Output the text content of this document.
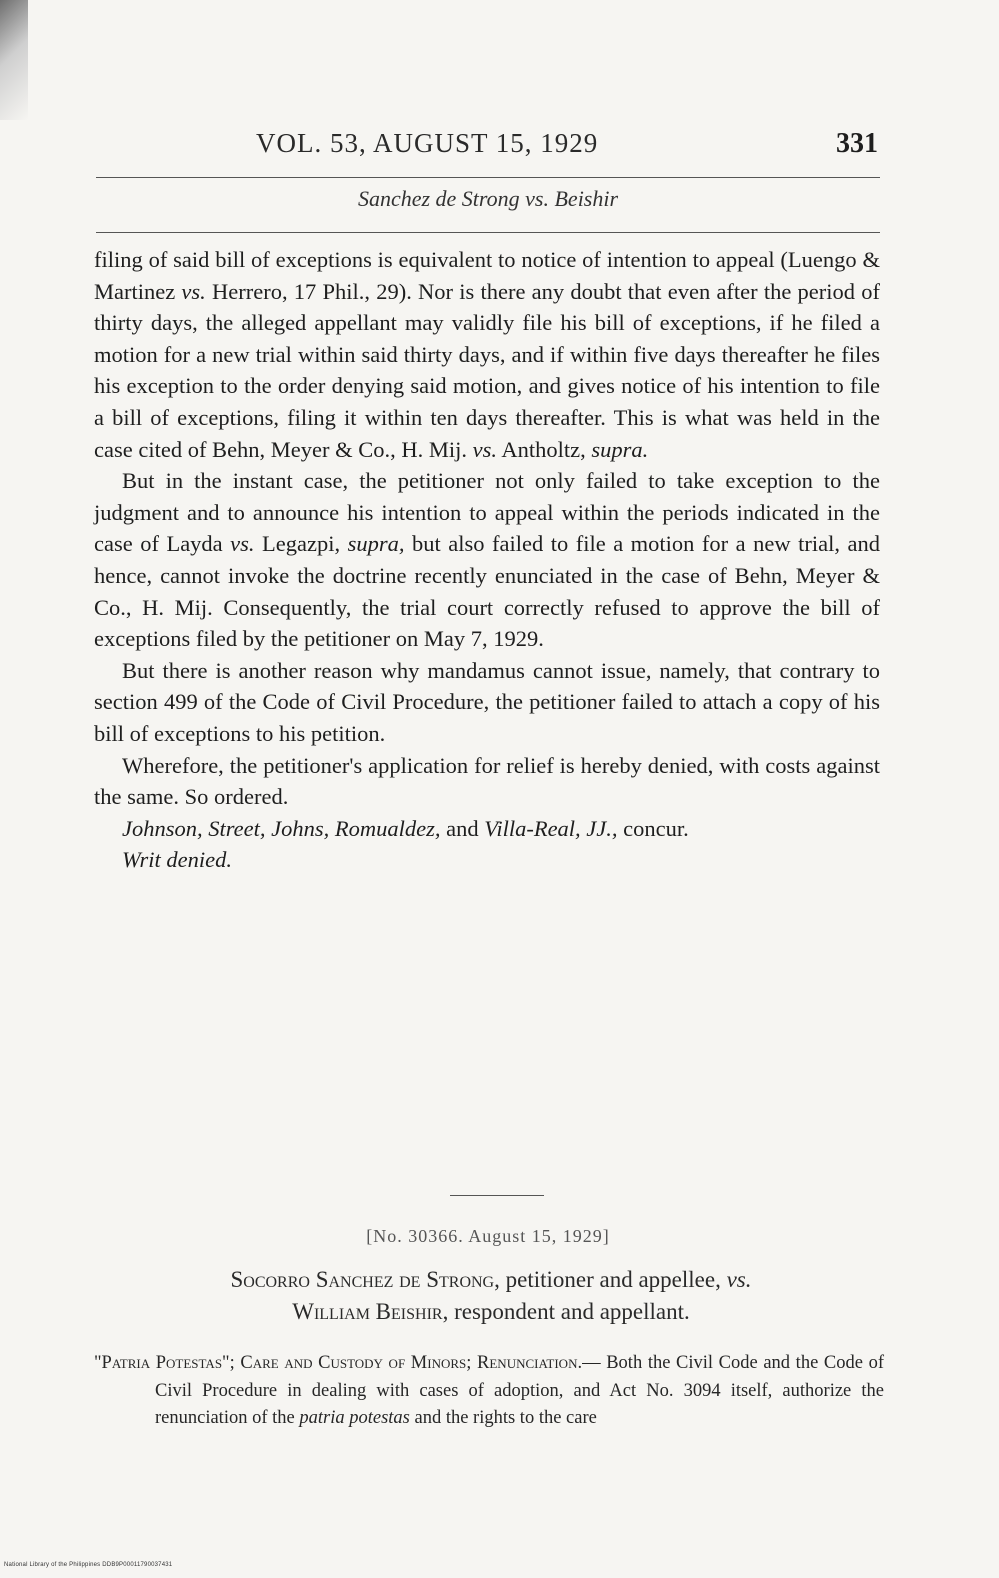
VOL. 53, AUGUST 15, 1929	331
Sanchez de Strong vs. Beishir

filing of said bill of exceptions is equivalent to notice of intention to appeal (Luengo & Martinez vs. Herrero, 17 Phil., 29). Nor is there any doubt that even after the period of thirty days, the alleged appellant may validly file his bill of exceptions, if he filed a motion for a new trial within said thirty days, and if within five days thereafter he files his exception to the order denying said motion, and gives notice of his intention to file a bill of exceptions, filing it within ten days thereafter. This is what was held in the case cited of Behn, Meyer & Co., H. Mij. vs. Antholtz, supra.

But in the instant case, the petitioner not only failed to take exception to the judgment and to announce his intention to appeal within the periods indicated in the case of Layda vs. Legazpi, supra, but also failed to file a motion for a new trial, and hence, cannot invoke the doctrine recently enunciated in the case of Behn, Meyer & Co., H. Mij. Consequently, the trial court correctly refused to approve the bill of exceptions filed by the petitioner on May 7, 1929.

But there is another reason why mandamus cannot issue, namely, that contrary to section 499 of the Code of Civil Procedure, the petitioner failed to attach a copy of his bill of exceptions to his petition.

Wherefore, the petitioner's application for relief is hereby denied, with costs against the same. So ordered.

Johnson, Street, Johns, Romualdez, and Villa-Real, JJ., concur.

Writ denied.

[No. 30366. August 15, 1929]
Socorro Sanchez de Strong, petitioner and appellee, vs.
William Beishir, respondent and appellant.

"Patria Potestas"; Care and Custody of Minors; Renunciation.— Both the Civil Code and the Code of Civil Procedure in dealing with cases of adoption, and Act No. 3094 itself, authorize the renunciation of the patria potestas and the rights to the care

National Library of the Philippines DDB9P00011790037431
